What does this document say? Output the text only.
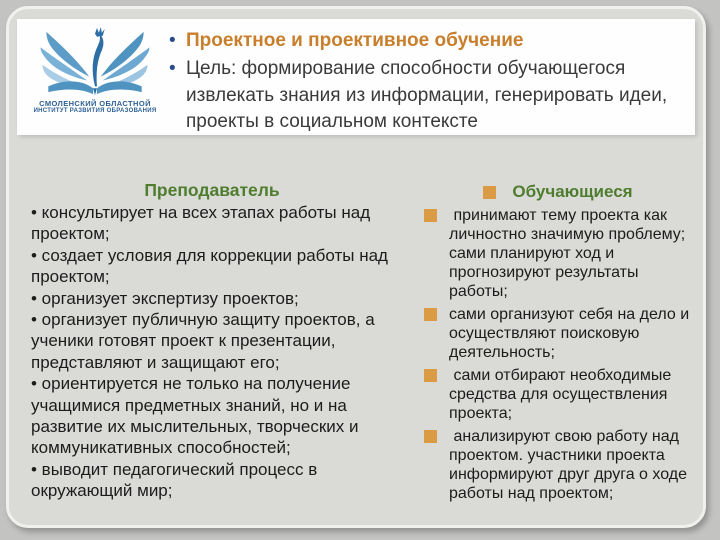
СМОЛЕНСКИЙ ОБЛАСТНОЙ
ИНСТИТУТ РАЗВИТИЯ ОБРАЗОВАНИЯ
• Проектное и проективное обучение
• Цель: формирование способности обучающегося извлекать знания из информации, генерировать идеи, проекты в социальном контексте
Преподаватель

• консультирует на всех этапах работы над проектом;

• создает условия для коррекции работы над проектом;

• организует экспертизу проектов;

• организует публичную защиту проектов, а ученики готовят проект к презентации, представляют и защищают его;

• ориентируется не только на получение учащимися предметных знаний, но и на развитие их мыслительных, творческих и коммуникативных способностей;

• выводит педагогический процесс в окружающий мир;

Обучающиеся
принимают тему проекта как личностно значимую проблему; сами планируют ход и прогнозируют результаты работы;
сами организуют себя на дело и осуществляют поисковую деятельность;
сами отбирают необходимые средства для осуществления проекта;
анализируют свою работу над проектом. участники проекта информируют друг друга о ходе работы над проектом;
